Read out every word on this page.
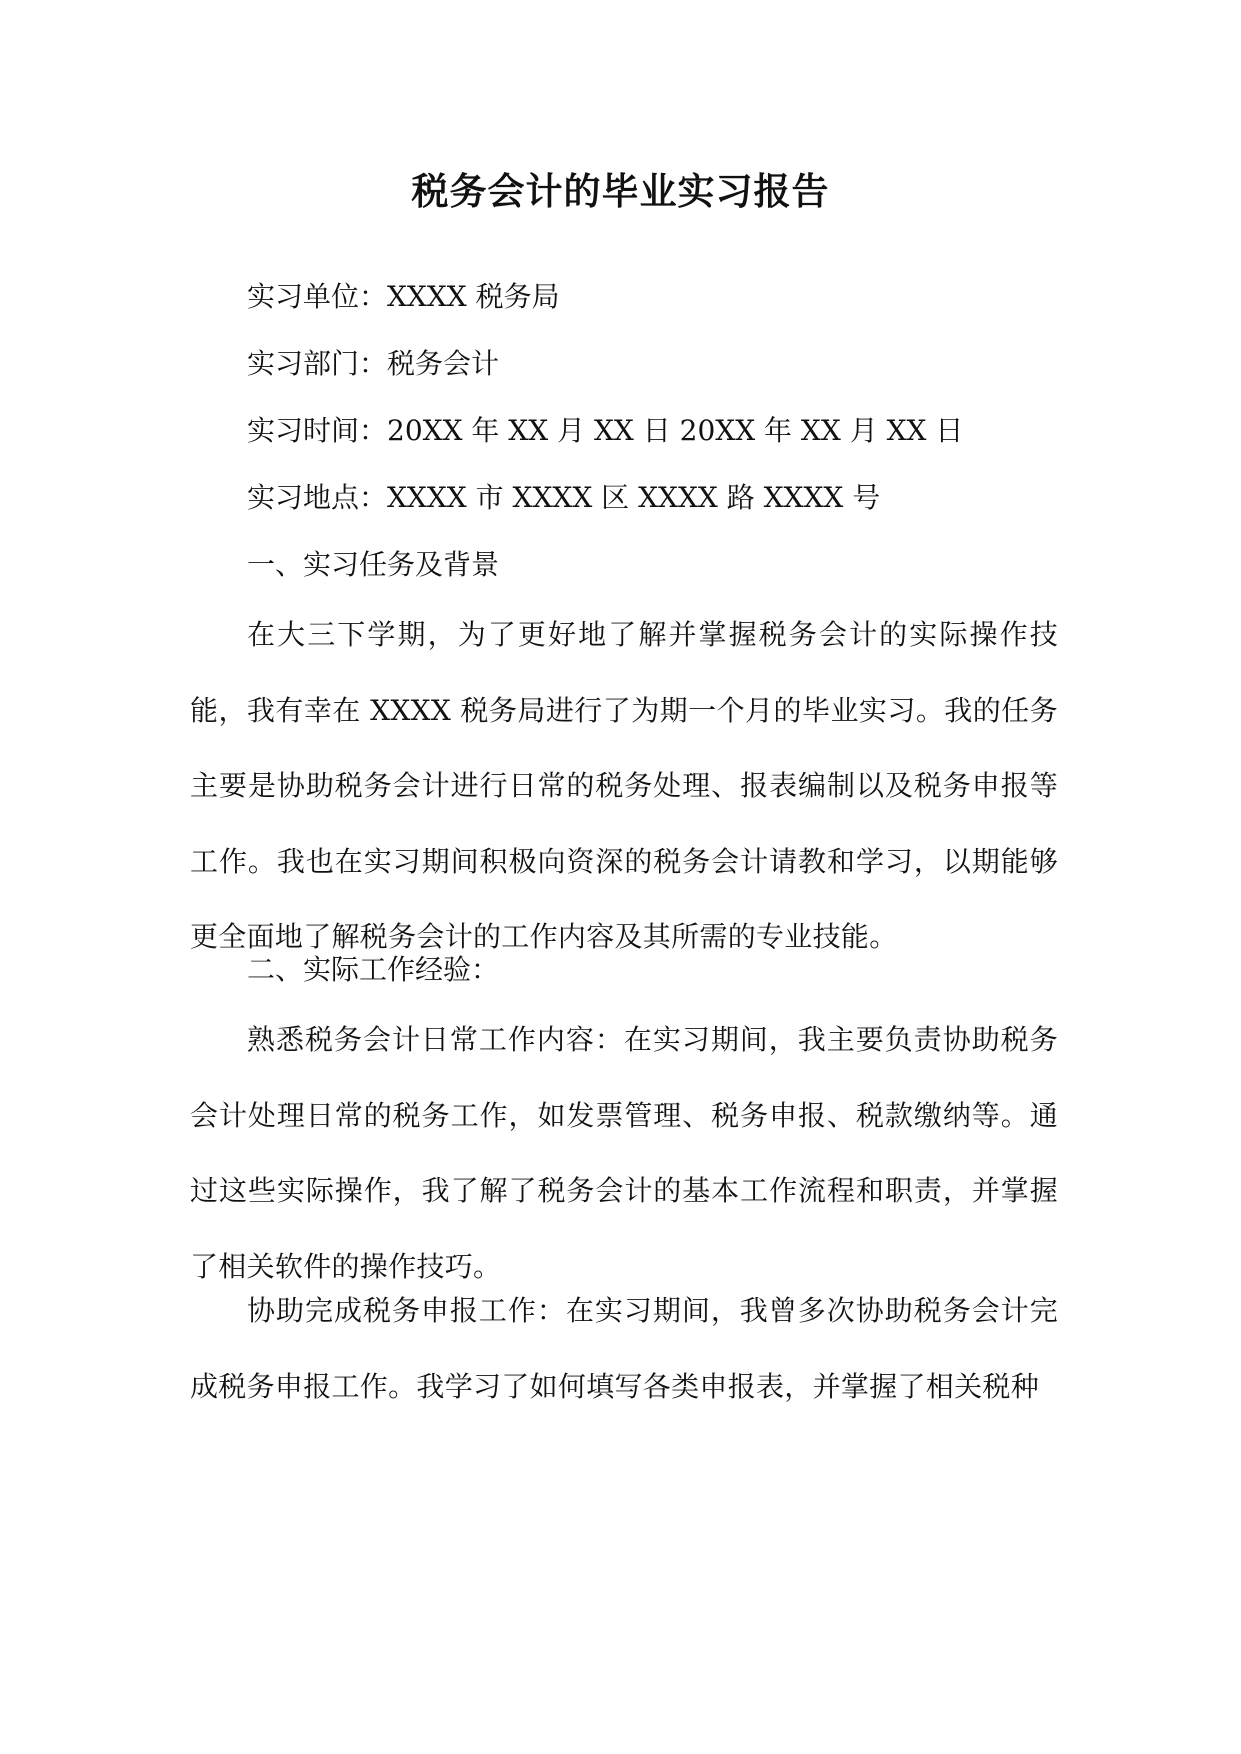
税务会计的毕业实习报告
实习单位：XXXX 税务局
实习部门：税务会计
实习时间：20XX 年 XX 月 XX 日 20XX 年 XX 月 XX 日
实习地点：XXXX 市 XXXX 区 XXXX 路 XXXX 号
一、实习任务及背景
在大三下学期，为了更好地了解并掌握税务会计的实际操作技能，我有幸在 XXXX 税务局进行了为期一个月的毕业实习。我的任务主要是协助税务会计进行日常的税务处理、报表编制以及税务申报等工作。我也在实习期间积极向资深的税务会计请教和学习，以期能够更全面地了解税务会计的工作内容及其所需的专业技能。
二、实际工作经验：
熟悉税务会计日常工作内容：在实习期间，我主要负责协助税务会计处理日常的税务工作，如发票管理、税务申报、税款缴纳等。通过这些实际操作，我了解了税务会计的基本工作流程和职责，并掌握了相关软件的操作技巧。
协助完成税务申报工作：在实习期间，我曾多次协助税务会计完成税务申报工作。我学习了如何填写各类申报表，并掌握了相关税种
